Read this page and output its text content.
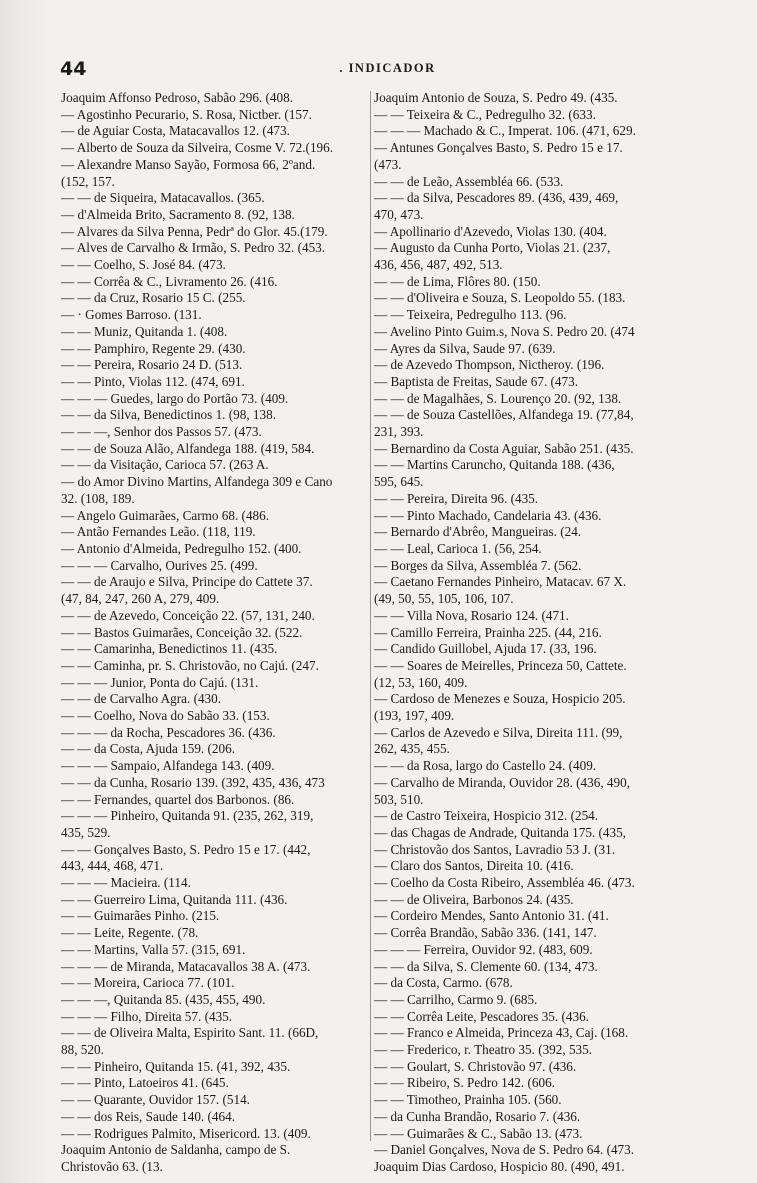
44	. INDICADOR
Joaquim Affonso Pedroso, Sabão 296. (408.
— Agostinho Pecurario, S. Rosa, Nictber. (157.
— de Aguiar Costa, Matacavallos 12. (473.
— Alberto de Souza da Silveira, Cosme V. 72.(196.
— Alexandre Manso Sayão, Formosa 66, 2ºand.
(152, 157.
— — de Siqueira, Matacavallos. (365.
— d'Almeida Brito, Sacramento 8. (92, 138.
— Alvares da Silva Penna, Pedrª do Glor. 45.(179.
— Alves de Carvalho & Irmão, S. Pedro 32. (453.
— — Coelho, S. José 84. (473.
— — Corrêa & C., Livramento 26. (416.
— — da Cruz, Rosario 15 C. (255.
— · Gomes Barroso. (131.
— — Muniz, Quitanda 1. (408.
— — Pamphiro, Regente 29. (430.
— — Pereira, Rosario 24 D. (513.
— — Pinto, Violas 112. (474, 691.
— — — Guedes, largo do Portão 73. (409.
— — da Silva, Benedictinos 1. (98, 138.
— — —, Senhor dos Passos 57. (473.
— — de Souza Alão, Alfandega 188. (419, 584.
— — da Visitação, Carioca 57. (263 A.
— do Amor Divino Martins, Alfandega 309 e Cano
32. (108, 189.
— Angelo Guimarães, Carmo 68. (486.
— Antão Fernandes Leão. (118, 119.
— Antonio d'Almeida, Pedregulho 152. (400.
— — — Carvalho, Ourives 25. (499.
— — de Araujo e Silva, Principe do Cattete 37.
(47, 84, 247, 260 A, 279, 409.
— — de Azevedo, Conceição 22. (57, 131, 240.
— — Bastos Guimarães, Conceição 32. (522.
— — Camarinha, Benedictinos 11. (435.
— — Caminha, pr. S. Christovão, no Cajú. (247.
— — — Junior, Ponta do Cajú. (131.
— — de Carvalho Agra. (430.
— — Coelho, Nova do Sabão 33. (153.
— — — da Rocha, Pescadores 36. (436.
— — da Costa, Ajuda 159. (206.
— — — Sampaio, Alfandega 143. (409.
— — da Cunha, Rosario 139. (392, 435, 436, 473
— — Fernandes, quartel dos Barbonos. (86.
— — — Pinheiro, Quitanda 91. (235, 262, 319,
435, 529.
— — Gonçalves Basto, S. Pedro 15 e 17. (442,
443, 444, 468, 471.
— — — Macieira. (114.
— — Guerreiro Lima, Quitanda 111. (436.
— — Guimarães Pinho. (215.
— — Leite, Regente. (78.
— — Martins, Valla 57. (315, 691.
— — — de Miranda, Matacavallos 38 A. (473.
— — Moreira, Carioca 77. (101.
— — —, Quitanda 85. (435, 455, 490.
— — — Filho, Direita 57. (435.
— — de Oliveira Malta, Espirito Sant. 11. (66D,
88, 520.
— — Pinheiro, Quitanda 15. (41, 392, 435.
— — Pinto, Latoeiros 41. (645.
— — Quarante, Ouvidor 157. (514.
— — dos Reis, Saude 140. (464.
— — Rodrigues Palmito, Misericord. 13. (409.
Joaquim Antonio de Saldanha, campo de S.
Christovão 63. (13.
Joaquim Antonio de Souza, S. Pedro 49. (435.
— — Teixeira & C., Pedregulho 32. (633.
— — — Machado & C., Imperat. 106. (471, 629.
— Antunes Gonçalves Basto, S. Pedro 15 e 17.
(473.
— — de Leão, Assembléa 66. (533.
— — da Silva, Pescadores 89. (436, 439, 469,
470, 473.
— Apollinario d'Azevedo, Violas 130. (404.
— Augusto da Cunha Porto, Violas 21. (237,
436, 456, 487, 492, 513.
— — de Lima, Flôres 80. (150.
— — d'Oliveira e Souza, S. Leopoldo 55. (183.
— — Teixeira, Pedregulho 113. (96.
— Avelino Pinto Guim.s, Nova S. Pedro 20. (474
— Ayres da Silva, Saude 97. (639.
— de Azevedo Thompson, Nictheroy. (196.
— Baptista de Freitas, Saude 67. (473.
— — de Magalhães, S. Lourenço 20. (92, 138.
— — de Souza Castellões, Alfandega 19. (77,84,
231, 393.
— Bernardino da Costa Aguiar, Sabão 251. (435.
— — Martins Caruncho, Quitanda 188. (436,
595, 645.
— — Pereira, Direita 96. (435.
— — Pinto Machado, Candelaria 43. (436.
— Bernardo d'Abrêo, Mangueiras. (24.
— — Leal, Carioca 1. (56, 254.
— Borges da Silva, Assembléa 7. (562.
— Caetano Fernandes Pinheiro, Matacav. 67 X.
(49, 50, 55, 105, 106, 107.
— — Villa Nova, Rosario 124. (471.
— Camillo Ferreira, Prainha 225. (44, 216.
— Candido Guillobel, Ajuda 17. (33, 196.
— — Soares de Meirelles, Princeza 50, Cattete.
(12, 53, 160, 409.
— Cardoso de Menezes e Souza, Hospicio 205.
(193, 197, 409.
— Carlos de Azevedo e Silva, Direita 111. (99,
262, 435, 455.
— — da Rosa, largo do Castello 24. (409.
— Carvalho de Miranda, Ouvidor 28. (436, 490,
503, 510.
— de Castro Teixeira, Hospicio 312. (254.
— das Chagas de Andrade, Quitanda 175. (435,
— Christovão dos Santos, Lavradio 53 J. (31.
— Claro dos Santos, Direita 10. (416.
— Coelho da Costa Ribeiro, Assembléa 46. (473.
— — de Oliveira, Barbonos 24. (435.
— Cordeiro Mendes, Santo Antonio 31. (41.
— Corrêa Brandão, Sabão 336. (141, 147.
— — — Ferreira, Ouvidor 92. (483, 609.
— — da Silva, S. Clemente 60. (134, 473.
— da Costa, Carmo. (678.
— — Carrilho, Carmo 9. (685.
— — Corrêa Leite, Pescadores 35. (436.
— — Franco e Almeida, Princeza 43, Caj. (168.
— — Frederico, r. Theatro 35. (392, 535.
— — Goulart, S. Christovão 97. (436.
— — Ribeiro, S. Pedro 142. (606.
— — Timotheo, Prainha 105. (560.
— da Cunha Brandão, Rosario 7. (436.
— — Guimarães & C., Sabão 13. (473.
— Daniel Gonçalves, Nova de S. Pedro 64. (473.
Joaquim Dias Cardoso, Hospicio 80. (490, 491.
